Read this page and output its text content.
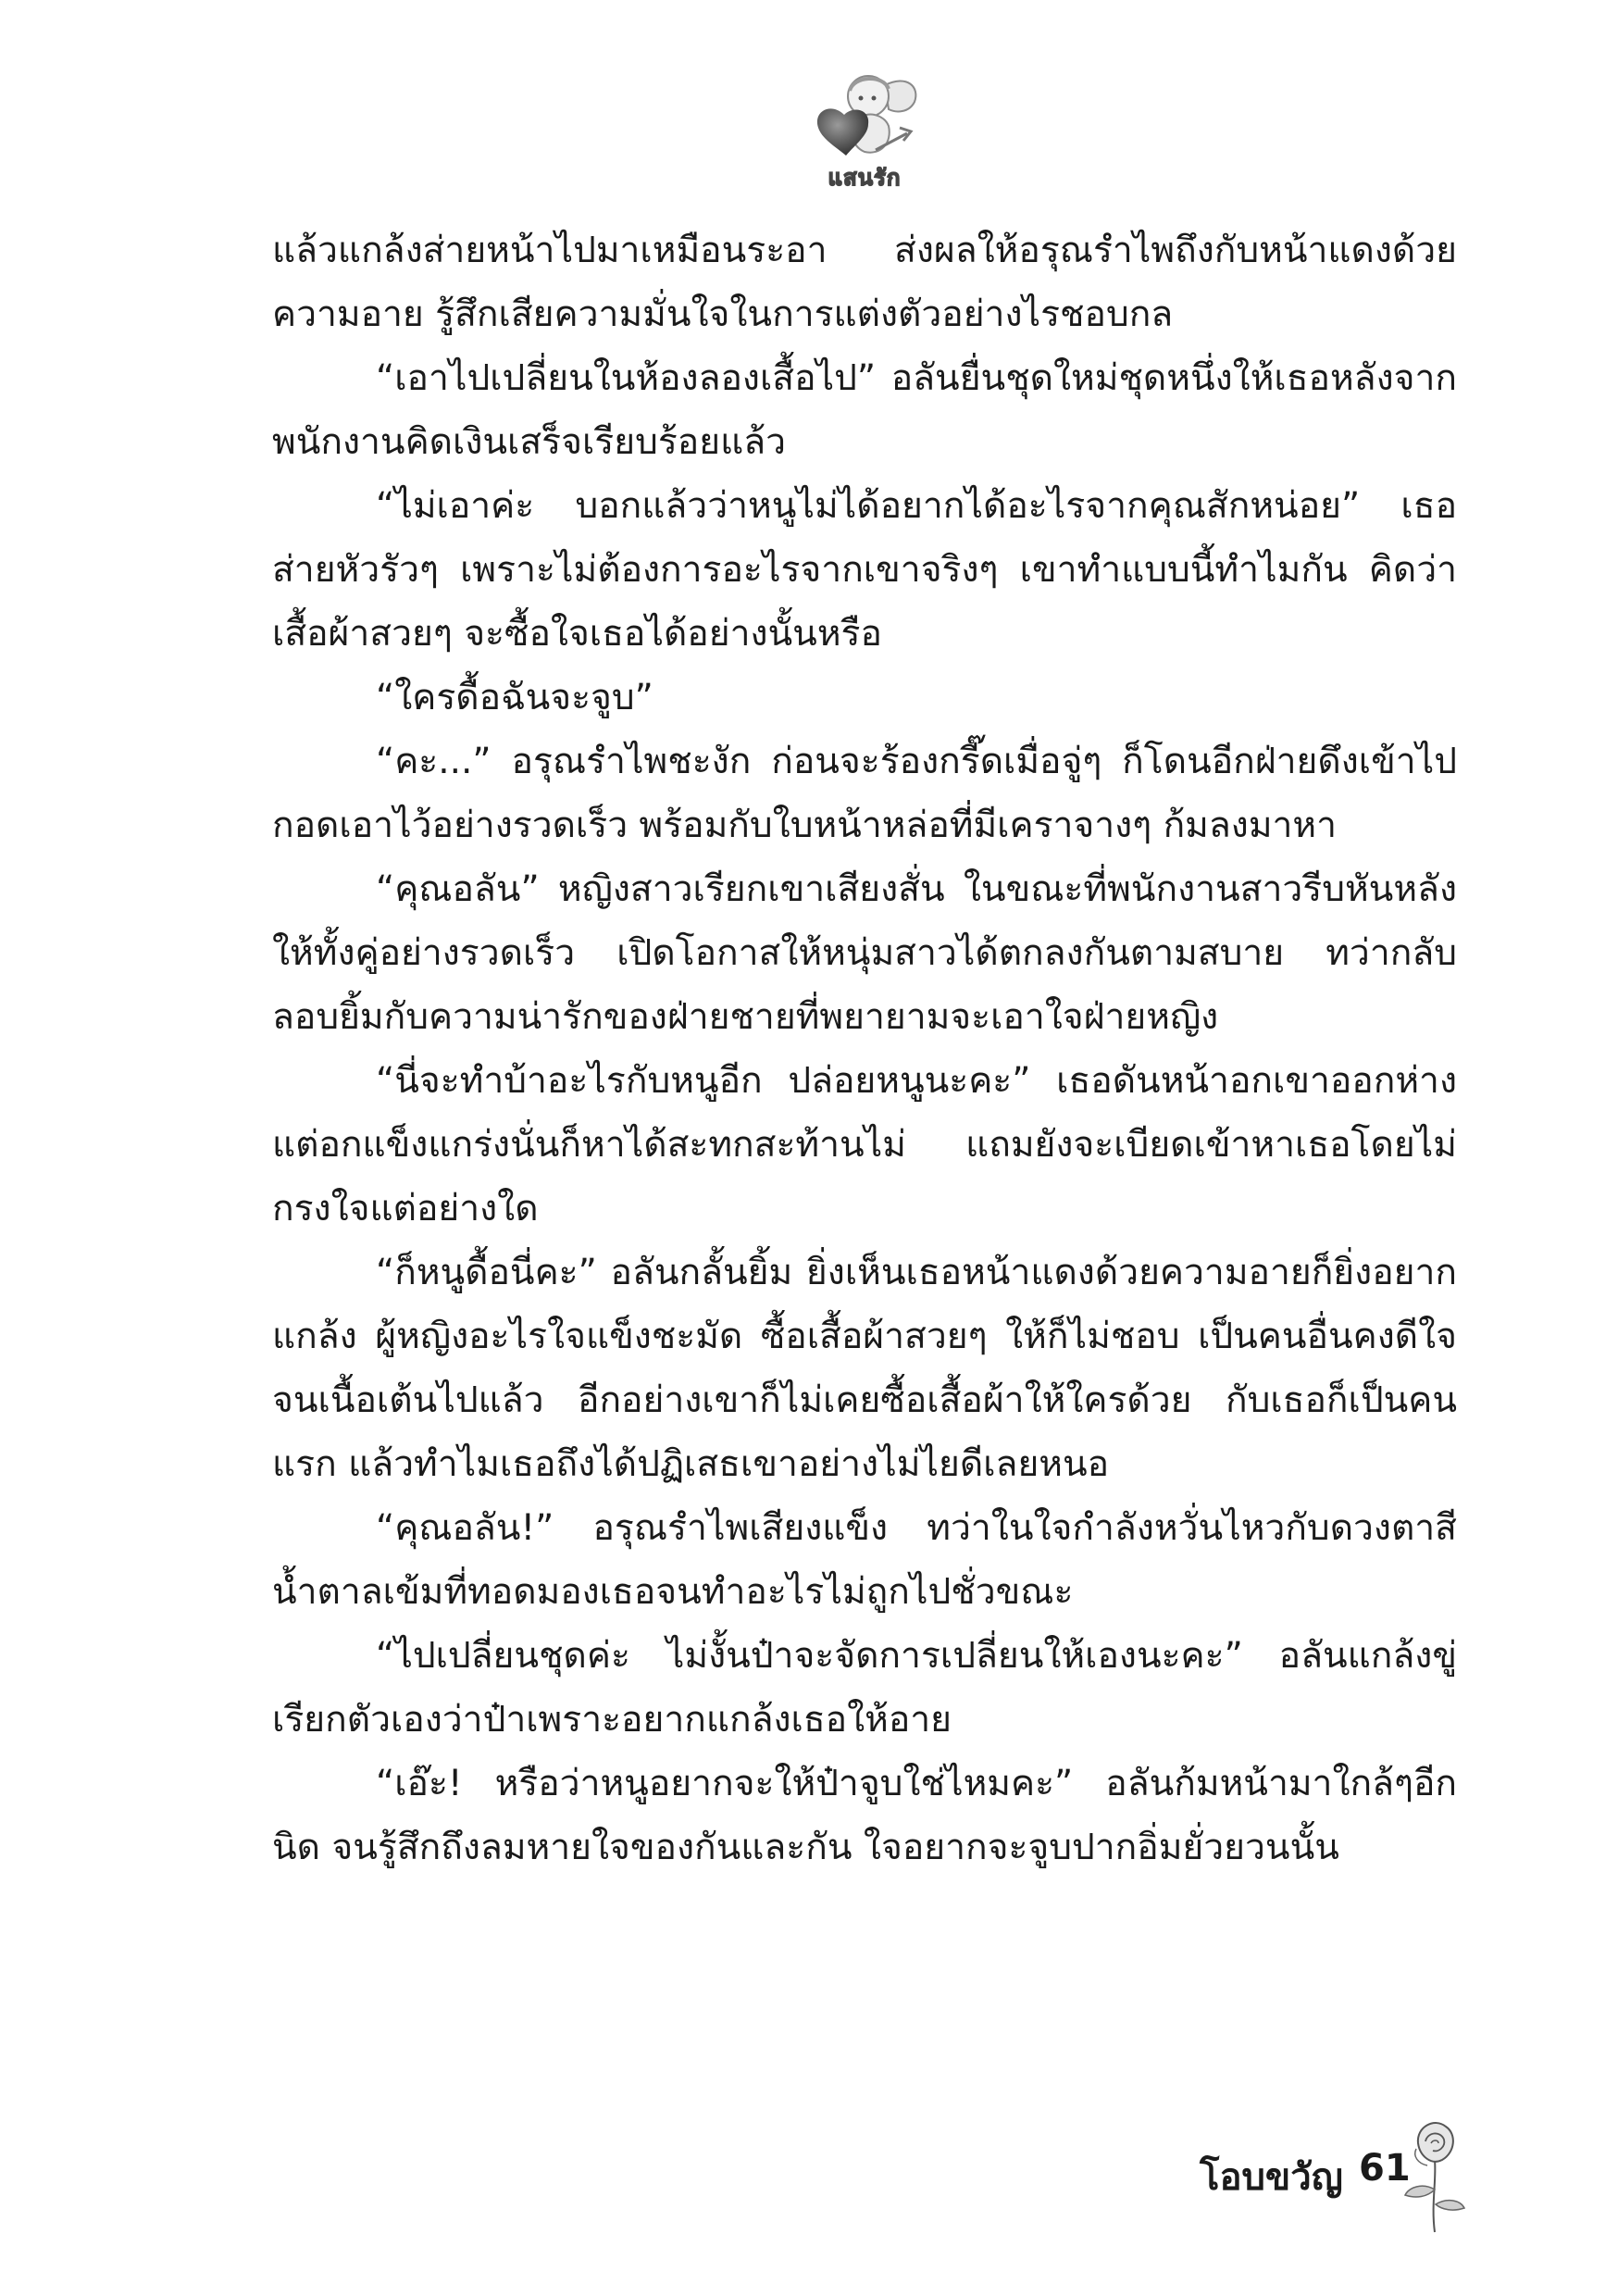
แสนรัก

แล้วแกล้งส่ายหน้าไปมาเหมือนระอา ส่งผลให้อรุณรำไพถึงกับหน้าแดงด้วยความอาย รู้สึกเสียความมั่นใจในการแต่งตัวอย่างไรชอบกล

“เอาไปเปลี่ยนในห้องลองเสื้อไป” อลันยื่นชุดใหม่ชุดหนึ่งให้เธอหลังจากพนักงานคิดเงินเสร็จเรียบร้อยแล้ว

“ไม่เอาค่ะ บอกแล้วว่าหนูไม่ได้อยากได้อะไรจากคุณสักหน่อย” เธอส่ายหัวรัวๆ เพราะไม่ต้องการอะไรจากเขาจริงๆ เขาทำแบบนี้ทำไมกัน คิดว่าเสื้อผ้าสวยๆ จะซื้อใจเธอได้อย่างนั้นหรือ

“ใครดื้อฉันจะจูบ”

“คะ...” อรุณรำไพชะงัก ก่อนจะร้องกรี๊ดเมื่อจู่ๆ ก็โดนอีกฝ่ายดึงเข้าไปกอดเอาไว้อย่างรวดเร็ว พร้อมกับใบหน้าหล่อที่มีเคราจางๆ ก้มลงมาหา

“คุณอลัน” หญิงสาวเรียกเขาเสียงสั่น ในขณะที่พนักงานสาวรีบหันหลังให้ทั้งคู่อย่างรวดเร็ว เปิดโอกาสให้หนุ่มสาวได้ตกลงกันตามสบาย ทว่ากลับลอบยิ้มกับความน่ารักของฝ่ายชายที่พยายามจะเอาใจฝ่ายหญิง

“นี่จะทำบ้าอะไรกับหนูอีก ปล่อยหนูนะคะ” เธอดันหน้าอกเขาออกห่างแต่อกแข็งแกร่งนั่นก็หาได้สะทกสะท้านไม่ แถมยังจะเบียดเข้าหาเธอโดยไม่กรงใจแต่อย่างใด

“ก็หนูดื้อนี่คะ” อลันกลั้นยิ้ม ยิ่งเห็นเธอหน้าแดงด้วยความอายก็ยิ่งอยากแกล้ง ผู้หญิงอะไรใจแข็งชะมัด ซื้อเสื้อผ้าสวยๆ ให้ก็ไม่ชอบ เป็นคนอื่นคงดีใจจนเนื้อเต้นไปแล้ว อีกอย่างเขาก็ไม่เคยซื้อเสื้อผ้าให้ใครด้วย กับเธอก็เป็นคนแรก แล้วทำไมเธอถึงได้ปฏิเสธเขาอย่างไม่ไยดีเลยหนอ

“คุณอลัน!” อรุณรำไพเสียงแข็ง ทว่าในใจกำลังหวั่นไหวกับดวงตาสีน้ำตาลเข้มที่ทอดมองเธอจนทำอะไรไม่ถูกไปชั่วขณะ

“ไปเปลี่ยนชุดค่ะ ไม่งั้นป๋าจะจัดการเปลี่ยนให้เองนะคะ” อลันแกล้งขู่เรียกตัวเองว่าป๋าเพราะอยากแกล้งเธอให้อาย

“เอ๊ะ! หรือว่าหนูอยากจะให้ป๋าจูบใช่ไหมคะ” อลันก้มหน้ามาใกล้ๆอีกนิด จนรู้สึกถึงลมหายใจของกันและกัน ใจอยากจะจูบปากอิ่มยั่วยวนนั้น

โอบขวัญ 61
